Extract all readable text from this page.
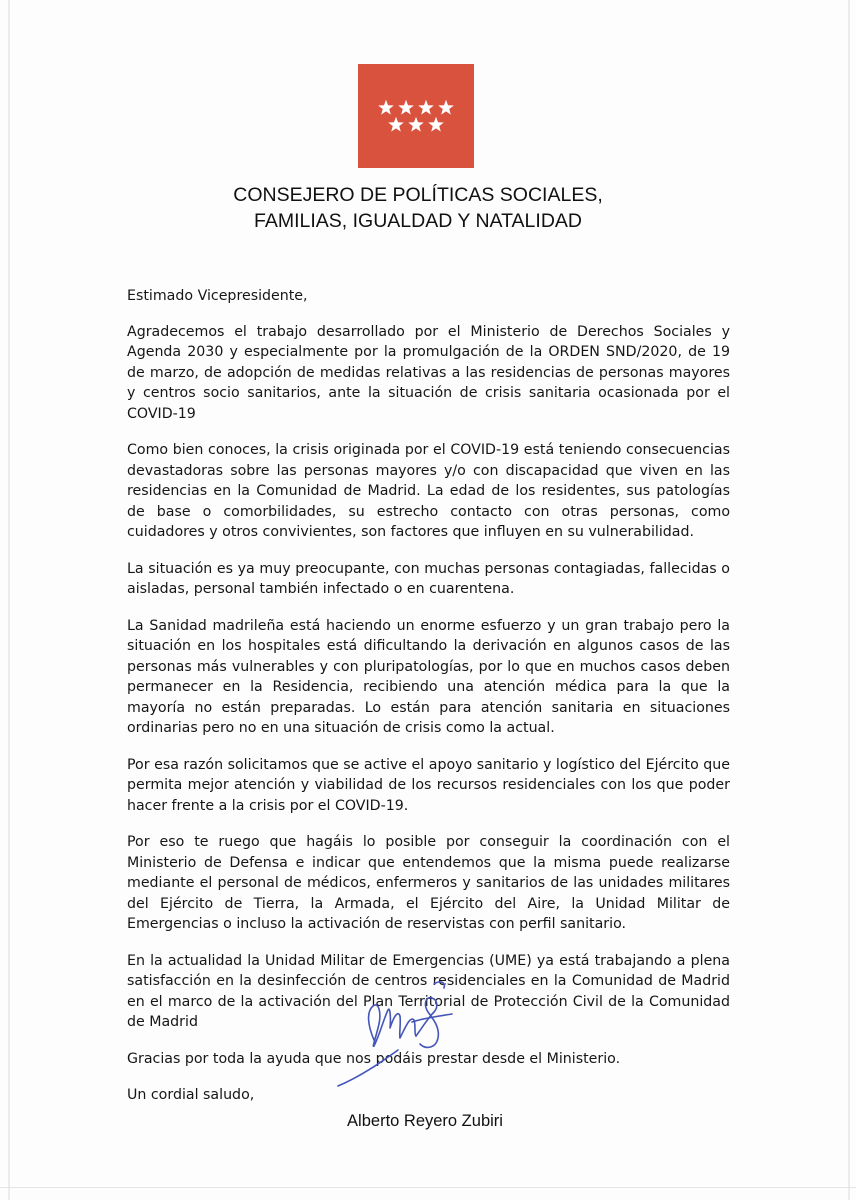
CONSEJERO DE POLÍTICAS SOCIALES,
FAMILIAS, IGUALDAD Y NATALIDAD

Estimado Vicepresidente,

Agradecemos el trabajo desarrollado por el Ministerio de Derechos Sociales y Agenda 2030 y especialmente por la promulgación de la ORDEN SND/2020, de 19 de marzo, de adopción de medidas relativas a las residencias de personas mayores y centros socio sanitarios, ante la situación de crisis sanitaria ocasionada por el COVID-19

Como bien conoces, la crisis originada por el COVID-19 está teniendo consecuencias devastadoras sobre las personas mayores y/o con discapacidad que viven en las residencias en la Comunidad de Madrid. La edad de los residentes, sus patologías de base o comorbilidades, su estrecho contacto con otras personas, como cuidadores y otros convivientes, son factores que influyen en su vulnerabilidad.

La situación es ya muy preocupante, con muchas personas contagiadas, fallecidas o aisladas, personal también infectado o en cuarentena.

La Sanidad madrileña está haciendo un enorme esfuerzo y un gran trabajo pero la situación en los hospitales está dificultando la derivación en algunos casos de las personas más vulnerables y con pluripatologías, por lo que en muchos casos deben permanecer en la Residencia, recibiendo una atención médica para la que la mayoría no están preparadas. Lo están para atención sanitaria en situaciones ordinarias pero no en una situación de crisis como la actual.

Por esa razón solicitamos que se active el apoyo sanitario y logístico del Ejército que permita mejor atención y viabilidad de los recursos residenciales con los que poder hacer frente a la crisis por el COVID-19.

Por eso te ruego que hagáis lo posible por conseguir la coordinación con el Ministerio de Defensa e indicar que entendemos que la misma puede realizarse mediante el personal de médicos, enfermeros y sanitarios de las unidades militares del Ejército de Tierra, la Armada, el Ejército del Aire, la Unidad Militar de Emergencias o incluso la activación de reservistas con perfil sanitario.

En la actualidad la Unidad Militar de Emergencias (UME) ya está trabajando a plena satisfacción en la desinfección de centros residenciales en la Comunidad de Madrid en el marco de la activación del Plan Territorial de Protección Civil de la Comunidad de Madrid

Gracias por toda la ayuda que nos podáis prestar desde el Ministerio.

Un cordial saludo,

Alberto Reyero Zubiri
